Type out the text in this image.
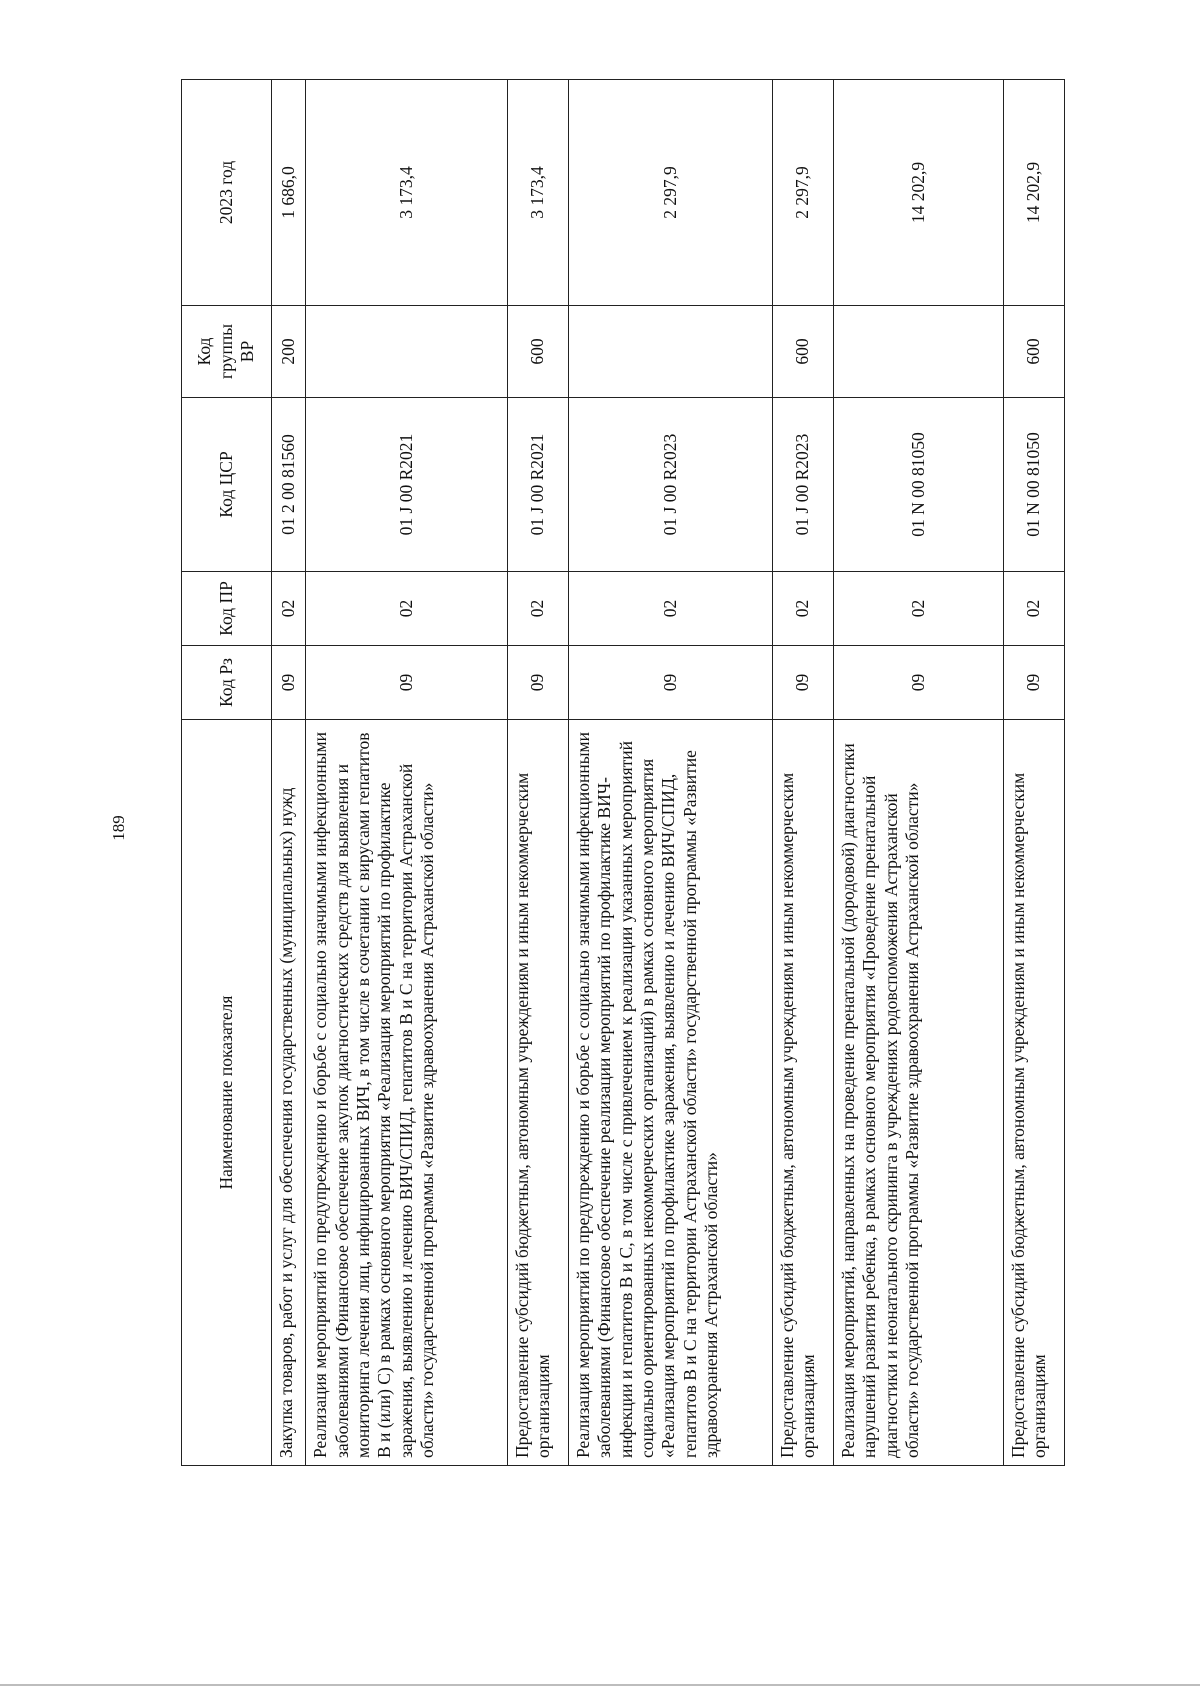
189
Наименование показателя	Код Рз	Код ПР	Код ЦСР	Код группы ВР	2023 год
Закупка товаров, работ и услуг для обеспечения государственных (муниципальных) нужд	09	02	01 2 00 81560	200	1 686,0
Реализация мероприятий по предупреждению и борьбе с социально значимыми инфекционными заболеваниями (Финансовое обеспечение закупок диагностических средств для выявления и мониторинга лечения лиц, инфицированных ВИЧ, в том числе в сочетании с вирусами гепатитов В и (или) С) в рамках основного мероприятия «Реализация мероприятий по профилактике заражения, выявлению и лечению ВИЧ/СПИД, гепатитов В и С на территории Астраханской области» государственной программы «Развитие здравоохранения Астраханской области»	09	02	01 J 00 R2021		3 173,4
Предоставление субсидий бюджетным, автономным учреждениям и иным некоммерческим организациям	09	02	01 J 00 R2021	600	3 173,4
Реализация мероприятий по предупреждению и борьбе с социально значимыми инфекционными заболеваниями (Финансовое обеспечение реализации мероприятий по профилактике ВИЧ-инфекции и гепатитов В и С, в том числе с привлечением к реализации указанных мероприятий социально ориентированных некоммерческих организаций) в рамках основного мероприятия «Реализация мероприятий по профилактике заражения, выявлению и лечению ВИЧ/СПИД, гепатитов В и С на территории Астраханской области» государственной программы «Развитие здравоохранения Астраханской области»	09	02	01 J 00 R2023		2 297,9
Предоставление субсидий бюджетным, автономным учреждениям и иным некоммерческим организациям	09	02	01 J 00 R2023	600	2 297,9
Реализация мероприятий, направленных на проведение пренатальной (дородовой) диагностики нарушений развития ребенка, в рамках основного мероприятия «Проведение пренатальной диагностики и неонатального скрининга в учреждениях родовспоможения Астраханской области» государственной программы «Развитие здравоохранения Астраханской области»	09	02	01 N 00 81050		14 202,9
Предоставление субсидий бюджетным, автономным учреждениям и иным некоммерческим организациям	09	02	01 N 00 81050	600	14 202,9
